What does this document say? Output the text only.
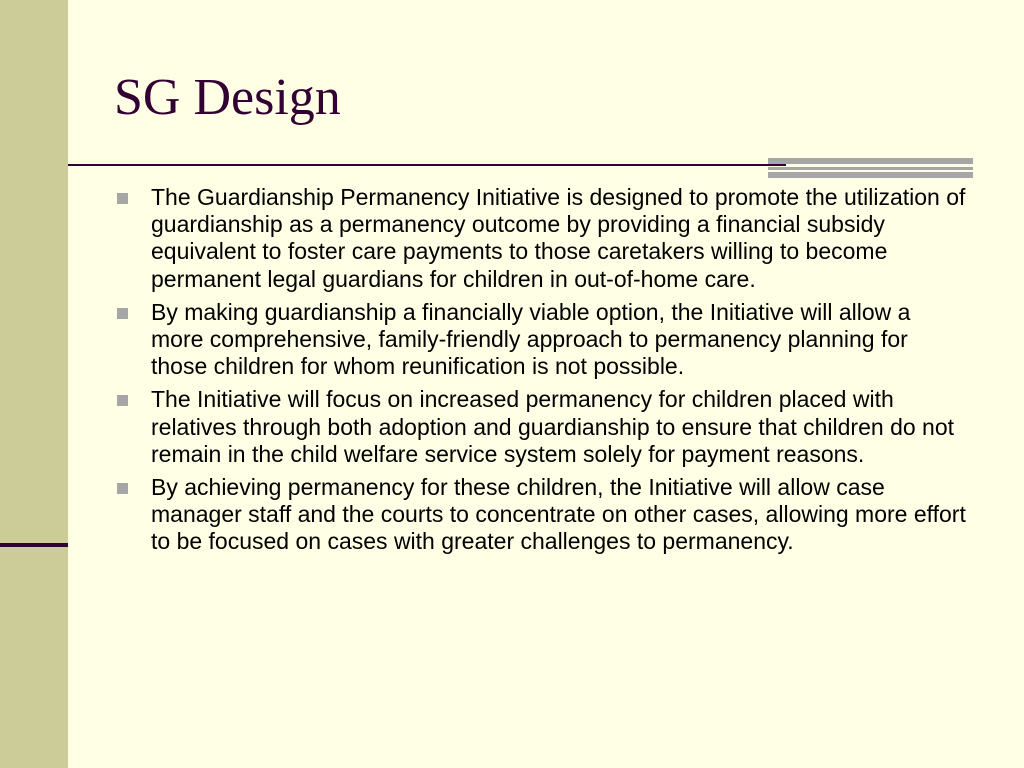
SG Design
The Guardianship Permanency Initiative is designed to promote the utilization of guardianship as a permanency outcome by providing a financial subsidy equivalent to foster care payments to those caretakers willing to become permanent legal guardians for children in out-of-home care.
By making guardianship a financially viable option, the Initiative will allow a more comprehensive, family-friendly approach to permanency planning for those children for whom reunification is not possible.
The Initiative will focus on increased permanency for children placed with relatives through both adoption and guardianship to ensure that children do not remain in the child welfare service system solely for payment reasons.
By achieving permanency for these children, the Initiative will allow case manager staff and the courts to concentrate on other cases, allowing more effort to be focused on cases with greater challenges to permanency.
